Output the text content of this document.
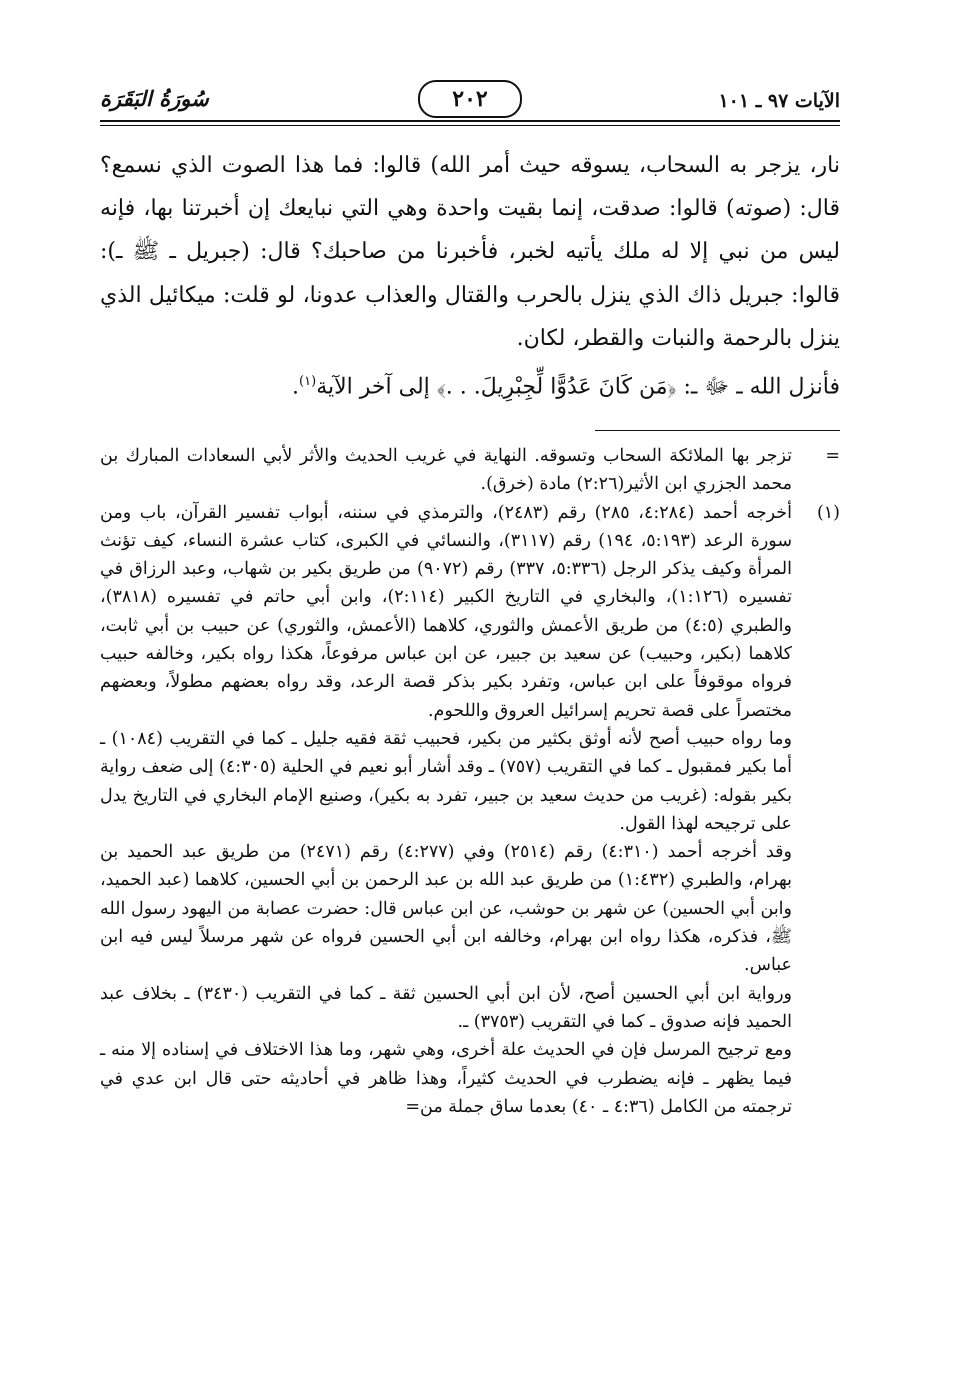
الآيات ٩٧ ـ ١٠١
٢٠٢
سُورَةُ البَقَرَة

نار، يزجر به السحاب، يسوقه حيث أمر الله) قالوا: فما هذا الصوت الذي نسمع؟ قال: (صوته) قالوا: صدقت، إنما بقيت واحدة وهي التي نبايعك إن أخبرتنا بها، فإنه ليس من نبي إلا له ملك يأتيه لخبر، فأخبرنا من صاحبك؟ قال: (جبريل ـ ﷺ ـ): قالوا: جبريل ذاك الذي ينزل بالحرب والقتال والعذاب عدونا، لو قلت: ميكائيل الذي ينزل بالرحمة والنبات والقطر، لكان.

فأنزل الله ـ ﷻ ـ: ﴿مَن كَانَ عَدُوًّا لِّجِبْرِيلَ. . .﴾ إلى آخر الآية$^{(١)}$.

=

تزجر بها الملائكة السحاب وتسوقه. النهاية في غريب الحديث والأثر لأبي السعادات المبارك بن محمد الجزري ابن الأثير(٢:٢٦) مادة (خرق).

(١)

أخرجه أحمد (٤:٢٨٤، ٢٨٥) رقم (٢٤٨٣)، والترمذي في سننه، أبواب تفسير القرآن، باب ومن سورة الرعد (٥:١٩٣، ١٩٤) رقم (٣١١٧)، والنسائي في الكبرى، كتاب عشرة النساء، كيف تؤنث المرأة وكيف يذكر الرجل (٥:٣٣٦، ٣٣٧) رقم (٩٠٧٢) من طريق بكير بن شهاب، وعبد الرزاق في تفسيره (١:١٢٦)، والبخاري في التاريخ الكبير (٢:١١٤)، وابن أبي حاتم في تفسيره (٣٨١٨)، والطبري (٤:٥) من طريق الأعمش والثوري، كلاهما (الأعمش، والثوري) عن حبيب بن أبي ثابت، كلاهما (بكير، وحبيب) عن سعيد بن جبير، عن ابن عباس مرفوعاً، هكذا رواه بكير، وخالفه حبيب فرواه موقوفاً على ابن عباس، وتفرد بكير بذكر قصة الرعد، وقد رواه بعضهم مطولاً، وبعضهم مختصراً على قصة تحريم إسرائيل العروق واللحوم.

وما رواه حبيب أصح لأنه أوثق بكثير من بكير، فحبيب ثقة فقيه جليل ـ كما في التقريب (١٠٨٤) ـ أما بكير فمقبول ـ كما في التقريب (٧٥٧) ـ وقد أشار أبو نعيم في الحلية (٤:٣٠٥) إلى ضعف رواية بكير بقوله: (غريب من حديث سعيد بن جبير، تفرد به بكير)، وصنيع الإمام البخاري في التاريخ يدل على ترجيحه لهذا القول.

وقد أخرجه أحمد (٤:٣١٠) رقم (٢٥١٤) وفي (٤:٢٧٧) رقم (٢٤٧١) من طريق عبد الحميد بن بهرام، والطبري (١:٤٣٢) من طريق عبد الله بن عبد الرحمن بن أبي الحسين، كلاهما (عبد الحميد، وابن أبي الحسين) عن شهر بن حوشب، عن ابن عباس قال: حضرت عصابة من اليهود رسول الله ﷺ، فذكره، هكذا رواه ابن بهرام، وخالفه ابن أبي الحسين فرواه عن شهر مرسلاً ليس فيه ابن عباس.

ورواية ابن أبي الحسين أصح، لأن ابن أبي الحسين ثقة ـ كما في التقريب (٣٤٣٠) ـ بخلاف عبد الحميد فإنه صدوق ـ كما في التقريب (٣٧٥٣) ـ.

ومع ترجيح المرسل فإن في الحديث علة أخرى، وهي شهر، وما هذا الاختلاف في إسناده إلا منه ـ فيما يظهر ـ فإنه يضطرب في الحديث كثيراً، وهذا ظاهر في أحاديثه حتى قال ابن عدي في ترجمته من الكامل (٤:٣٦ ـ ٤٠) بعدما ساق جملة من=
